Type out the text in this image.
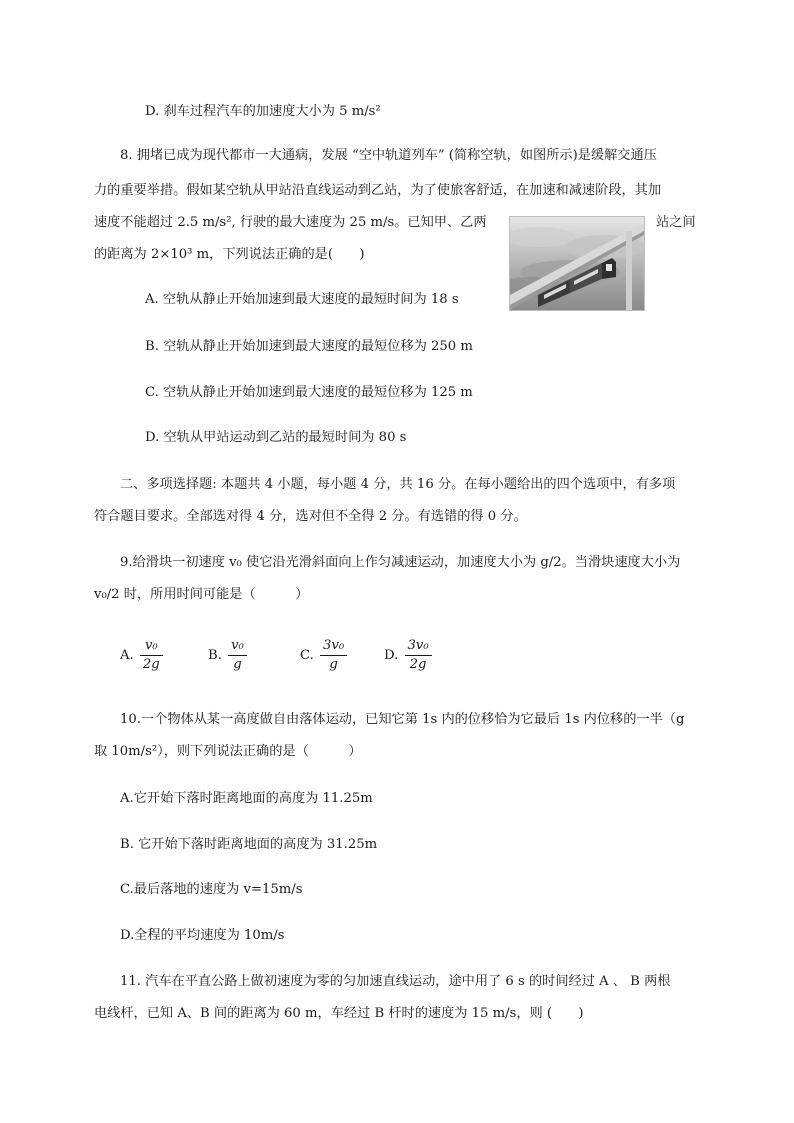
D. 刹车过程汽车的加速度大小为 5 m/s²
8. 拥堵已成为现代都市一大通病，发展 “空中轨道列车” (简称空轨，如图所示)是缓解交通压
力的重要举措。假如某空轨从甲站沿直线运动到乙站，为了使旅客舒适，在加速和减速阶段，其加
速度不能超过 2.5 m/s², 行驶的最大速度为 25 m/s。已知甲、乙两	站之间
的距离为 2×10³ m，下列说法正确的是(　　)
A. 空轨从静止开始加速到最大速度的最短时间为 18 s
B. 空轨从静止开始加速到最大速度的最短位移为 250 m
C. 空轨从静止开始加速到最大速度的最短位移为 125 m
D. 空轨从甲站运动到乙站的最短时间为 80 s
二、多项选择题: 本题共 4 小题，每小题 4 分，共 16 分。在每小题给出的四个选项中，有多项
符合题目要求。全部选对得 4 分，选对但不全得 2 分。有选错的得 0 分。
9.给滑块一初速度 v₀ 使它沿光滑斜面向上作匀减速运动，加速度大小为 g/2。当滑块速度大小为
v₀/2 时，所用时间可能是（　　　）
A. $\frac{\text{v₀}}{2g}$	B. $\frac{\text{v₀}}{g}$	C. $\frac{\text{3v₀}}{g}$	D. $\frac{\text{3v₀}}{2g}$
10.一个物体从某一高度做自由落体运动，已知它第 1s 内的位移恰为它最后 1s 内位移的一半（g
取 10m/s²），则下列说法正确的是（　　　）
A.它开始下落时距离地面的高度为 11.25m
B. 它开始下落时距离地面的高度为 31.25m
C.最后落地的速度为 v=15m/s
D.全程的平均速度为 10m/s
11. 汽车在平直公路上做初速度为零的匀加速直线运动，途中用了 6 s 的时间经过 A 、 B 两根
电线杆，已知 A、B 间的距离为 60 m，车经过 B 杆时的速度为 15 m/s，则 (　　)
